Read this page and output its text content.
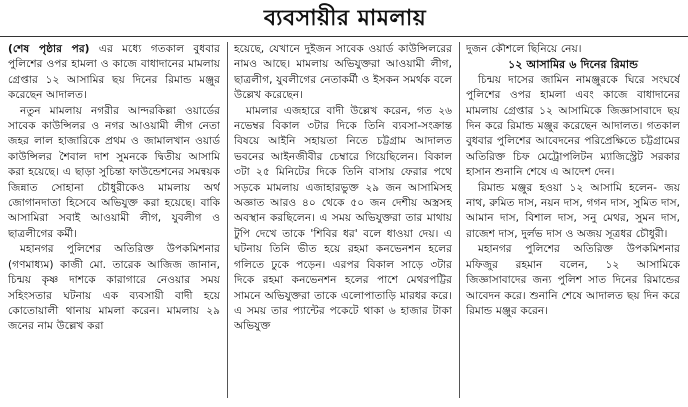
ব্যবসায়ীর মামলায়

(শেষ পৃষ্ঠার পর) এর মধ্যে গতকাল বুধবার পুলিশের ওপর হামলা ও কাজে বাধাদানের মামলায় গ্রেপ্তার ১২ আসামির ছয় দিনের রিমান্ড মঞ্জুর করেছেন আদালত।

নতুন মামলায় নগরীর আন্দরকিল্লা ওয়ার্ডের সাবেক কাউন্সিলর ও নগর আওয়ামী লীগ নেতা জহর লাল হাজারিকে প্রথম ও জামালখান ওয়ার্ড কাউন্সিলর শৈবাল দাশ সুমনকে দ্বিতীয় আসামি করা হয়েছে। এ ছাড়া সুচিন্তা ফাউন্ডেশনের সমন্বয়ক জিন্নাত সোহানা চৌধুরীকেও মামলায় অর্থ জোগানদাতা হিসেবে অভিযুক্ত করা হয়েছে। বাকি আসামিরা সবাই আওয়ামী লীগ, যুবলীগ ও ছাত্রলীগের কর্মী।

মহানগর পুলিশের অতিরিক্ত উপকমিশনার (গণমাধ্যম) কাজী মো. তারেক আজিজ জানান, চিন্ময় কৃষ্ণ দাশকে কারাগারে নেওয়ার সময় সহিংসতার ঘটনায় এক ব্যবসায়ী বাদী হয়ে কোতোয়ালী থানায় মামলা করেন। মামলায় ২৯ জনের নাম উল্লেখ করা

হয়েছে, যেখানে দুইজন সাবেক ওয়ার্ড কাউন্সিলরের নামও আছে। মামলায় অভিযুক্তরা আওয়ামী লীগ, ছাত্রলীগ, যুবলীগের নেতাকর্মী ও ইসকন সমর্থক বলে উল্লেখ করেছেন।

মামলার এজহারে বাদী উল্লেখ করেন, গত ২৬ নভেম্বর বিকাল ৩টার দিকে তিনি ব্যবসা-সংক্রান্ত বিষয়ে আইনি সহায়তা নিতে চট্টগ্রাম আদালত ভবনের আইনজীবীর চেম্বারে গিয়েছিলেন। বিকাল ৩টা ২৫ মিনিটের দিকে তিনি বাসায় ফেরার পথে সড়কে মামলায় এজাহারভুক্ত ২৯ জন আসামিসহ অজ্ঞাত আরও ৪০ থেকে ৫০ জন দেশীয় অস্ত্রসহ অবস্থান করছিলেন। এ সময় অভিযুক্তরা তার মাথায় টুপি দেখে তাকে 'শিবির ধর' বলে ধাওয়া দেয়। এ ঘটনায় তিনি ভীত হয়ে রহমা কনভেনশন হলের গলিতে ঢুকে পড়েন। এরপর বিকাল সাড়ে ৩টার দিকে রহমা কনভেনশন হলের পাশে মেথরপট্টির সামনে অভিযুক্তরা তাকে এলোপাতাড়ি মারধর করে। এ সময় তার প্যান্টের পকেটে থাকা ৬ হাজার টাকা অভিযুক্ত

দুজন কৌশলে ছিনিয়ে নেয়।

১২ আসামির ৬ দিনের রিমান্ড

চিন্ময় দাসের জামিন নামঞ্জুরকে ঘিরে সংঘর্ষে পুলিশের ওপর হামলা এবং কাজে বাধাদানের মামলায় গ্রেপ্তার ১২ আসামিকে জিজ্ঞাসাবাদে ছয় দিন করে রিমান্ড মঞ্জুর করেছেন আদালত। গতকাল বুধবার পুলিশের আবেদনের পরিপ্রেক্ষিতে চট্টগ্রামের অতিরিক্ত চিফ মেট্রোপলিটন ম্যাজিস্ট্রেট সরকার হাসান শুনানি শেষে এ আদেশ দেন।

রিমান্ড মঞ্জুর হওয়া ১২ আসামি হলেন- জয় নাথ, রুমিত দাস, নয়ন দাস, গগন দাস, সুমিত দাস, আমান দাস, বিশাল দাস, সনু মেথর, সুমন দাস, রাজেশ দাস, দুর্লভ দাস ও অজয় সূত্রধর চৌধুরী।

মহানগর পুলিশের অতিরিক্ত উপকমিশনার মফিজুর রহমান বলেন, ১২ আসামিকে জিজ্ঞাসাবাদের জন্য পুলিশ সাত দিনের রিমান্ডের আবেদন করে। শুনানি শেষে আদালত ছয় দিন করে রিমান্ড মঞ্জুর করেন।
